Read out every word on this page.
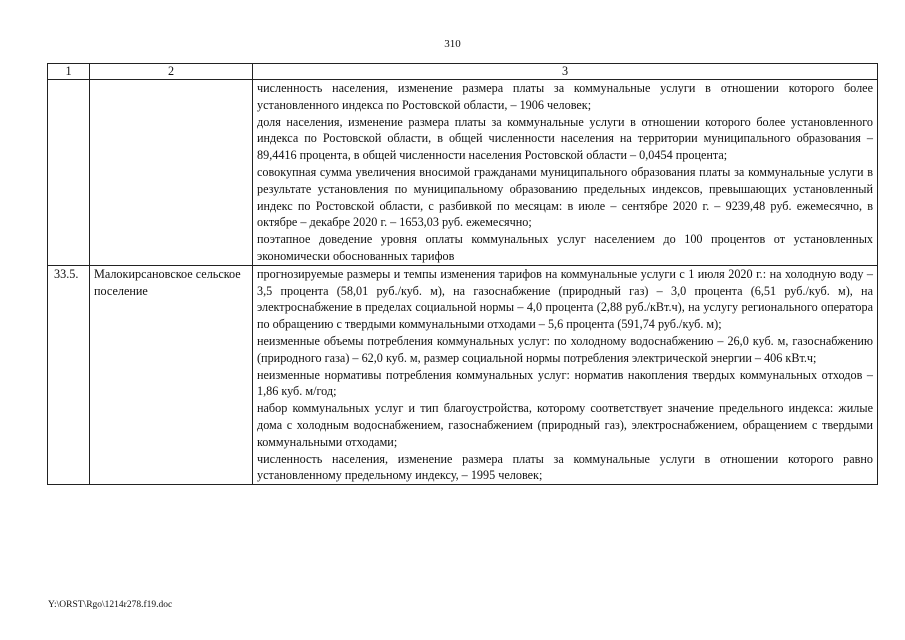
310
1	2	3

		численность населения, изменение размера платы за коммунальные услуги в отношении которого более установленного индекса по Ростовской области, – 1906 человек;

доля населения, изменение размера платы за коммунальные услуги в отношении которого более установленного индекса по Ростовской области, в общей численности населения на территории муниципального образования – 89,4416 процента, в общей численности населения Ростовской области – 0,0454 процента;

совокупная сумма увеличения вносимой гражданами муниципального образования платы за коммунальные услуги в результате установления по муниципальному образованию предельных индексов, превышающих установленный индекс по Ростовской области, с разбивкой по месяцам: в июле – сентябре 2020 г. – 9239,48 руб. ежемесячно, в октябре – декабре 2020 г. – 1653,03 руб. ежемесячно;

поэтапное доведение уровня оплаты коммунальных услуг населением до 100 процентов от установленных экономически обоснованных тарифов

33.5.	Малокирсановское сельское поселение	прогнозируемые размеры и темпы изменения тарифов на коммунальные услуги с 1 июля 2020 г.: на холодную воду – 3,5 процента (58,01 руб./куб. м), на газоснабжение (природный газ) – 3,0 процента (6,51 руб./куб. м), на электроснабжение в пределах социальной нормы – 4,0 процента (2,88 руб./кВт.ч), на услугу регионального оператора по обращению с твердыми коммунальными отходами – 5,6 процента (591,74 руб./куб. м);

неизменные объемы потребления коммунальных услуг: по холодному водоснабжению – 26,0 куб. м, газоснабжению (природного газа) – 62,0 куб. м, размер социальной нормы потребления электрической энергии – 406 кВт.ч;

неизменные нормативы потребления коммунальных услуг: норматив накопления твердых коммунальных отходов – 1,86 куб. м/год;

набор коммунальных услуг и тип благоустройства, которому соответствует значение предельного индекса: жилые дома с холодным водоснабжением, газоснабжением (природный газ), электроснабжением, обращением с твердыми коммунальными отходами;

численность населения, изменение размера платы за коммунальные услуги в отношении которого равно установленному предельному индексу, – 1995 человек;

Y:\ORST\Rgo\1214r278.f19.doc
